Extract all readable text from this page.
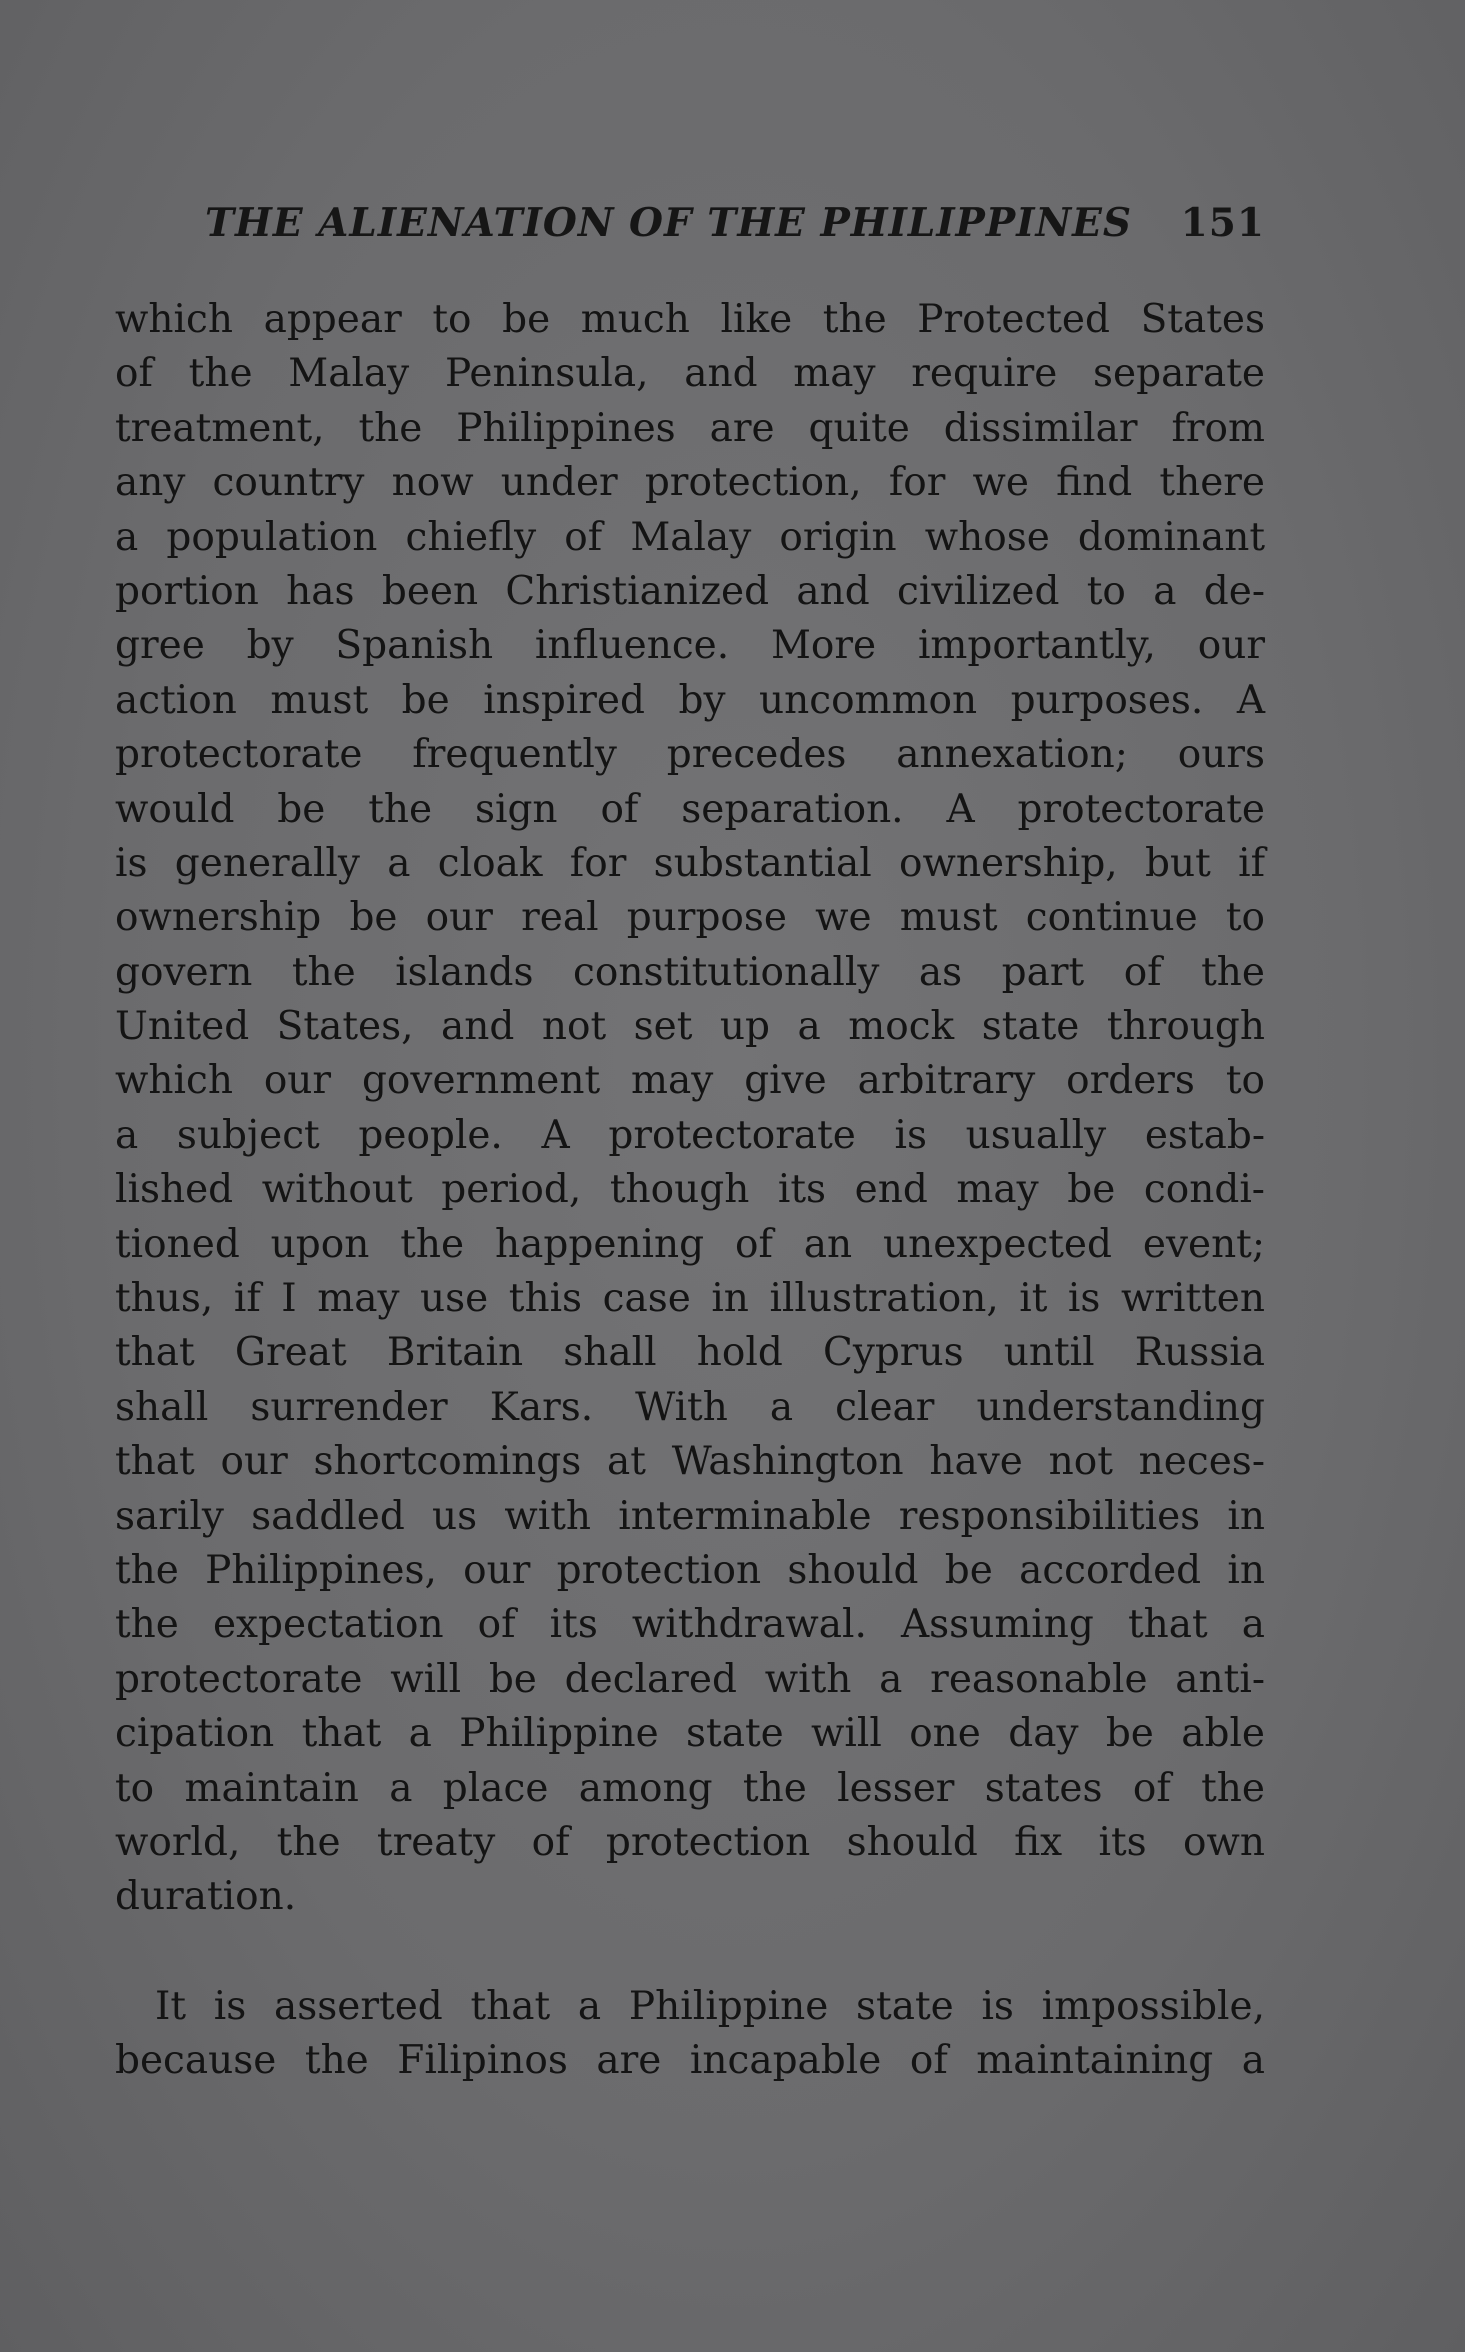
THE ALIENATION OF THE PHILIPPINES 151
which appear to be much like the Protected States
of the Malay Peninsula, and may require separate
treatment, the Philippines are quite dissimilar from
any country now under protection, for we find there
a population chiefly of Malay origin whose dominant
portion has been Christianized and civilized to a de-
gree by Spanish influence. More importantly, our
action must be inspired by uncommon purposes. A
protectorate frequently precedes annexation; ours
would be the sign of separation. A protectorate
is generally a cloak for substantial ownership, but if
ownership be our real purpose we must continue to
govern the islands constitutionally as part of the
United States, and not set up a mock state through
which our government may give arbitrary orders to
a subject people. A protectorate is usually estab-
lished without period, though its end may be condi-
tioned upon the happening of an unexpected event;
thus, if I may use this case in illustration, it is written
that Great Britain shall hold Cyprus until Russia
shall surrender Kars. With a clear understanding
that our shortcomings at Washington have not neces-
sarily saddled us with interminable responsibilities in
the Philippines, our protection should be accorded in
the expectation of its withdrawal. Assuming that a
protectorate will be declared with a reasonable anti-
cipation that a Philippine state will one day be able
to maintain a place among the lesser states of the
world, the treaty of protection should fix its own
duration.
It is asserted that a Philippine state is impossible,
because the Filipinos are incapable of maintaining a
